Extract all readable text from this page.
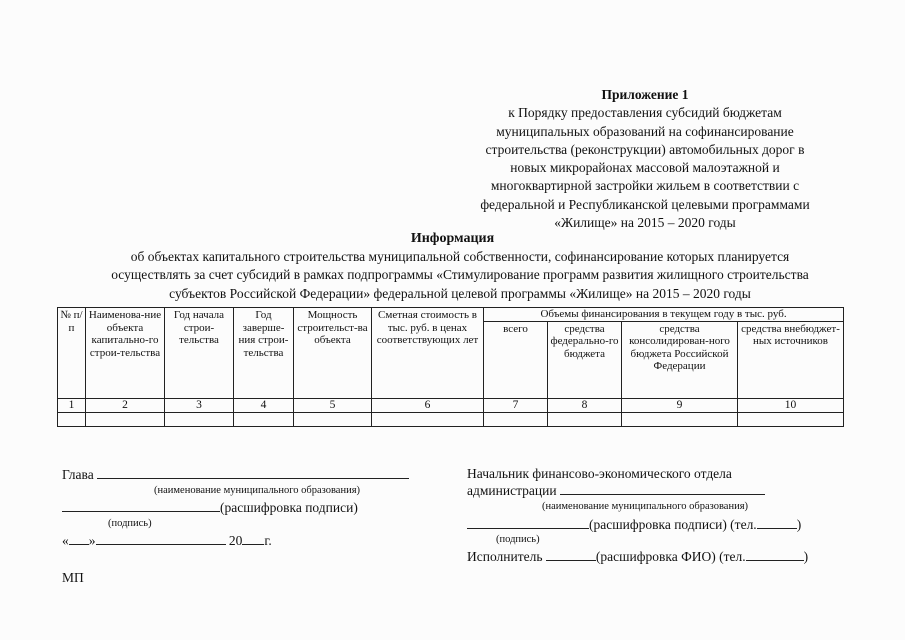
Приложение 1
к Порядку предоставления субсидий бюджетам
муниципальных образований на софинансирование
строительства (реконструкции) автомобильных дорог в
новых микрорайонах массовой малоэтажной и
многоквартирной застройки жильем в соответствии с
федеральной и Республиканской целевыми программами
«Жилище» на 2015 – 2020 годы
Информация
об объектах капитального строительства муниципальной собственности, софинансирование которых планируется
осуществлять за счет субсидий в рамках подпрограммы «Стимулирование программ развития жилищного строительства
субъектов Российской Федерации» федеральной целевой программы «Жилище» на 2015 – 2020 годы
№ п/п	Наименова-ние объекта капитально-го строи-тельства	Год начала строи-тельства	Год заверше-ния строи-тельства	Мощность строительст-ва объекта	Сметная стоимость в тыс. руб. в ценах соответствующих лет	Объемы финансирования в текущем году в тыс. руб.			
						всего	средства федерально-го бюджета	средства консолидирован-ного бюджета Российской Федерации	средства внебюджет-ных источников
1	2	3	4	5	6	7	8	9	10

Глава
(наименование муниципального образования)
(расшифровка подписи)
(подпись)
« »	20 г.
МП
Начальник финансово-экономического отдела
администрации
(наименование муниципального образования)
(расшифровка подписи) (тел.	)
(подпись)
Исполнитель	(расшифровка ФИО) (тел.	)
